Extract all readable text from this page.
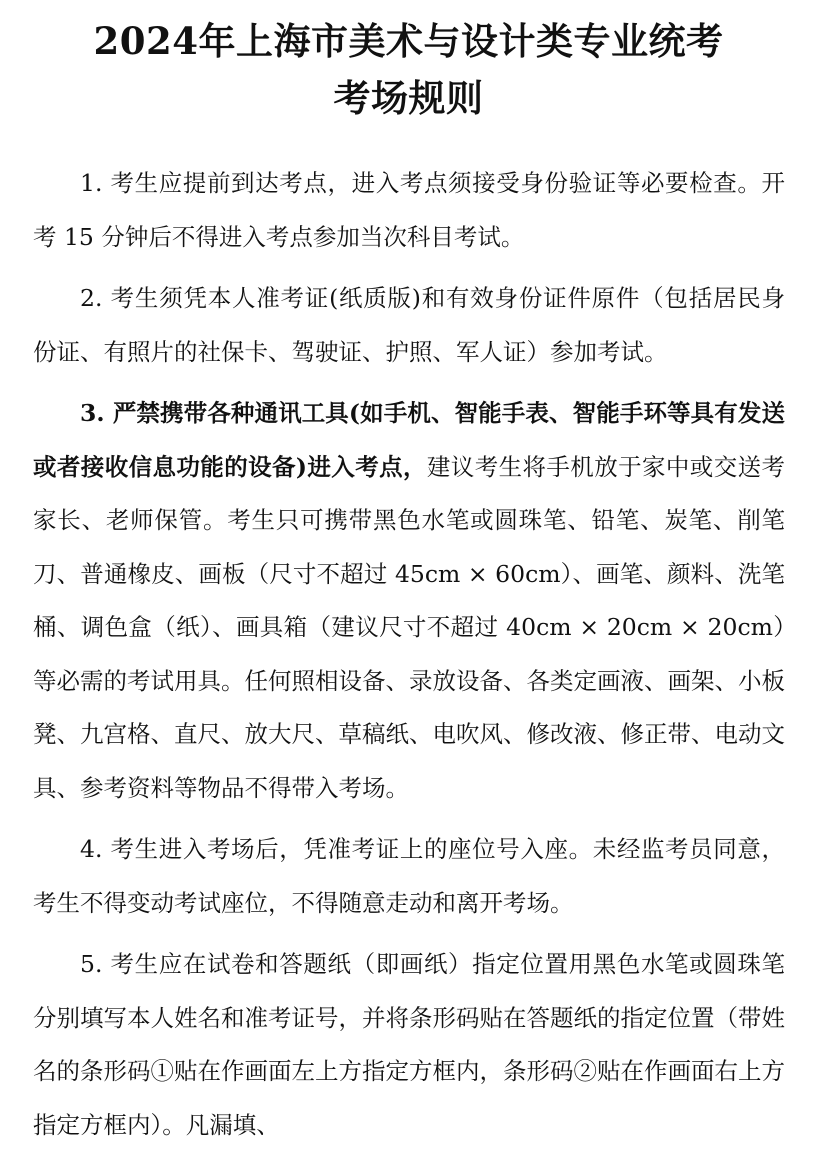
2024年上海市美术与设计类专业统考
考场规则

1. 考生应提前到达考点，进入考点须接受身份验证等必要检查。开考 15 分钟后不得进入考点参加当次科目考试。

2. 考生须凭本人准考证(纸质版)和有效身份证件原件（包括居民身份证、有照片的社保卡、驾驶证、护照、军人证）参加考试。

3. 严禁携带各种通讯工具(如手机、智能手表、智能手环等具有发送或者接收信息功能的设备)进入考点，建议考生将手机放于家中或交送考家长、老师保管。考生只可携带黑色水笔或圆珠笔、铅笔、炭笔、削笔刀、普通橡皮、画板（尺寸不超过 45cm × 60cm）、画笔、颜料、洗笔桶、调色盒（纸）、画具箱（建议尺寸不超过 40cm × 20cm × 20cm）等必需的考试用具。任何照相设备、录放设备、各类定画液、画架、小板凳、九宫格、直尺、放大尺、草稿纸、电吹风、修改液、修正带、电动文具、参考资料等物品不得带入考场。

4. 考生进入考场后，凭准考证上的座位号入座。未经监考员同意，考生不得变动考试座位，不得随意走动和离开考场。

5. 考生应在试卷和答题纸（即画纸）指定位置用黑色水笔或圆珠笔分别填写本人姓名和准考证号，并将条形码贴在答题纸的指定位置（带姓名的条形码①贴在作画面左上方指定方框内，条形码②贴在作画面右上方指定方框内）。凡漏填、
